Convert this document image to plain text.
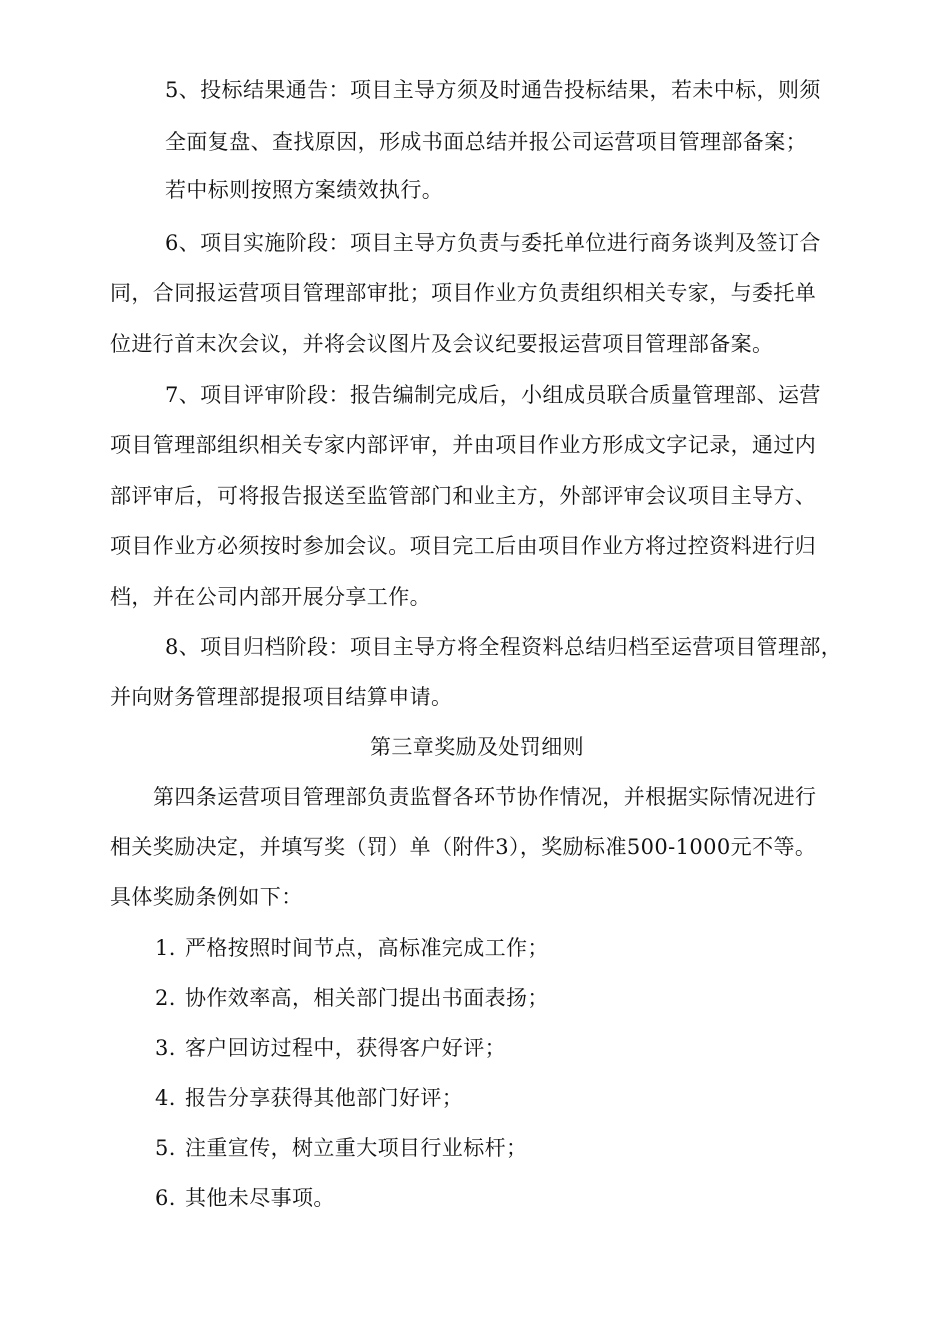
5、投标结果通告：项目主导方须及时通告投标结果，若未中标，则须
全面复盘、查找原因，形成书面总结并报公司运营项目管理部备案；
若中标则按照方案绩效执行。
6、项目实施阶段：项目主导方负责与委托单位进行商务谈判及签订合
同，合同报运营项目管理部审批；项目作业方负责组织相关专家，与委托单
位进行首末次会议，并将会议图片及会议纪要报运营项目管理部备案。
7、项目评审阶段：报告编制完成后，小组成员联合质量管理部、运营
项目管理部组织相关专家内部评审，并由项目作业方形成文字记录，通过内
部评审后，可将报告报送至监管部门和业主方，外部评审会议项目主导方、
项目作业方必须按时参加会议。项目完工后由项目作业方将过控资料进行归
档，并在公司内部开展分享工作。
8、项目归档阶段：项目主导方将全程资料总结归档至运营项目管理部，
并向财务管理部提报项目结算申请。
第三章奖励及处罚细则
第四条运营项目管理部负责监督各环节协作情况，并根据实际情况进行
相关奖励决定，并填写奖（罚）单（附件3），奖励标准500-1000元不等。
具体奖励条例如下：
1. 严格按照时间节点，高标准完成工作；
2. 协作效率高，相关部门提出书面表扬；
3. 客户回访过程中，获得客户好评；
4. 报告分享获得其他部门好评；
5. 注重宣传，树立重大项目行业标杆；
6. 其他未尽事项。
